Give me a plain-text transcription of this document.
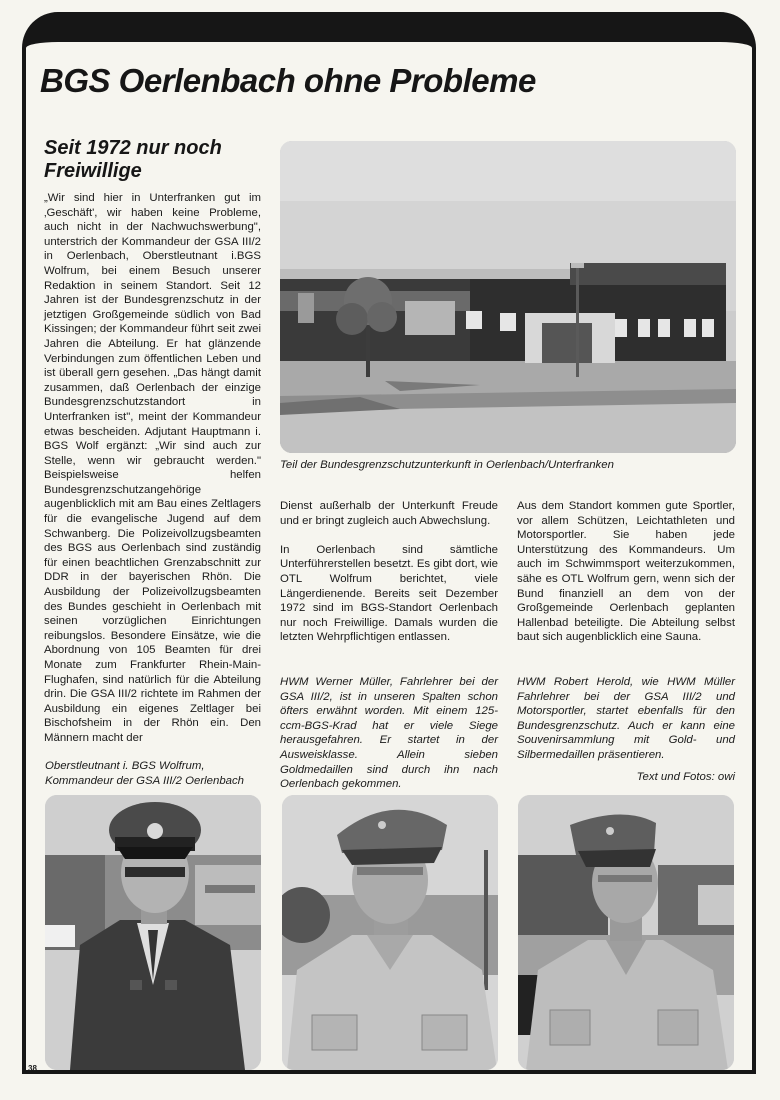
BGS Oerlenbach ohne Probleme
Seit 1972 nur noch Freiwillige

„Wir sind hier in Unterfranken gut im ‚Geschäft', wir haben keine Probleme, auch nicht in der Nachwuchswerbung", unterstrich der Kommandeur der GSA III/2 in Oerlenbach, Oberstleutnant i.BGS Wolfrum, bei einem Besuch unserer Redaktion in seinem Standort. Seit 12 Jahren ist der Bundesgrenzschutz in der jetztigen Großgemeinde südlich von Bad Kissingen; der Kommandeur führt seit zwei Jahren die Abteilung. Er hat glänzende Verbindungen zum öffentlichen Leben und ist überall gern gesehen. „Das hängt damit zusammen, daß Oerlenbach der einzige Bundesgrenzschutzstandort in Unterfranken ist", meint der Kommandeur etwas bescheiden. Adjutant Hauptmann i. BGS Wolf ergänzt: „Wir sind auch zur Stelle, wenn wir gebraucht werden." Beispielsweise helfen Bundesgrenzschutzangehörige augenblicklich mit am Bau eines Zeltlagers für die evangelische Jugend auf dem Schwanberg. Die Polizeivollzugsbeamten des BGS aus Oerlenbach sind zuständig für einen beachtlichen Grenzabschnitt zur DDR in der bayerischen Rhön. Die Ausbildung der Polizeivollzugsbeamten des Bundes geschieht in Oerlenbach mit seinen vorzüglichen Einrichtungen reibungslos. Besondere Einsätze, wie die Abordnung von 105 Beamten für drei Monate zum Frankfurter Rhein-Main-Flughafen, sind natürlich für die Abteilung drin. Die GSA III/2 richtete im Rahmen der Ausbildung ein eigenes Zeltlager bei Bischofsheim in der Rhön ein. Den Männern macht der

Teil der Bundesgrenzschutzunterkunft in Oerlenbach/Unterfranken

Dienst außerhalb der Unterkunft Freude und er bringt zugleich auch Abwechslung.

In Oerlenbach sind sämtliche Unterführerstellen besetzt. Es gibt dort, wie OTL Wolfrum berichtet, viele Längerdienende. Bereits seit Dezember 1972 sind im BGS-Standort Oerlenbach nur noch Freiwillige. Damals wurden die letzten Wehrpflichtigen entlassen.

Aus dem Standort kommen gute Sportler, vor allem Schützen, Leichtathleten und Motorsportler. Sie haben jede Unterstützung des Kommandeurs. Um auch im Schwimmsport weiterzukommen, sähe es OTL Wolfrum gern, wenn sich der Bund finanziell an dem von der Großgemeinde Oerlenbach geplanten Hallenbad beteiligte. Die Abteilung selbst baut sich augenblicklich eine Sauna.

HWM Werner Müller, Fahrlehrer bei der GSA III/2, ist in unseren Spalten schon öfters erwähnt worden. Mit einem 125-ccm-BGS-Krad hat er viele Siege herausgefahren. Er startet in der Ausweisklasse. Allein sieben Goldmedaillen sind durch ihn nach Oerlenbach gekommen.

HWM Robert Herold, wie HWM Müller Fahrlehrer bei der GSA III/2 und Motorsportler, startet ebenfalls für den Bundesgrenzschutz. Auch er kann eine Souvenirsammlung mit Gold- und Silbermedaillen präsentieren.

Oberstleutnant i. BGS Wolfrum, Kommandeur der GSA III/2 Oerlenbach	Text und Fotos: owi

38
